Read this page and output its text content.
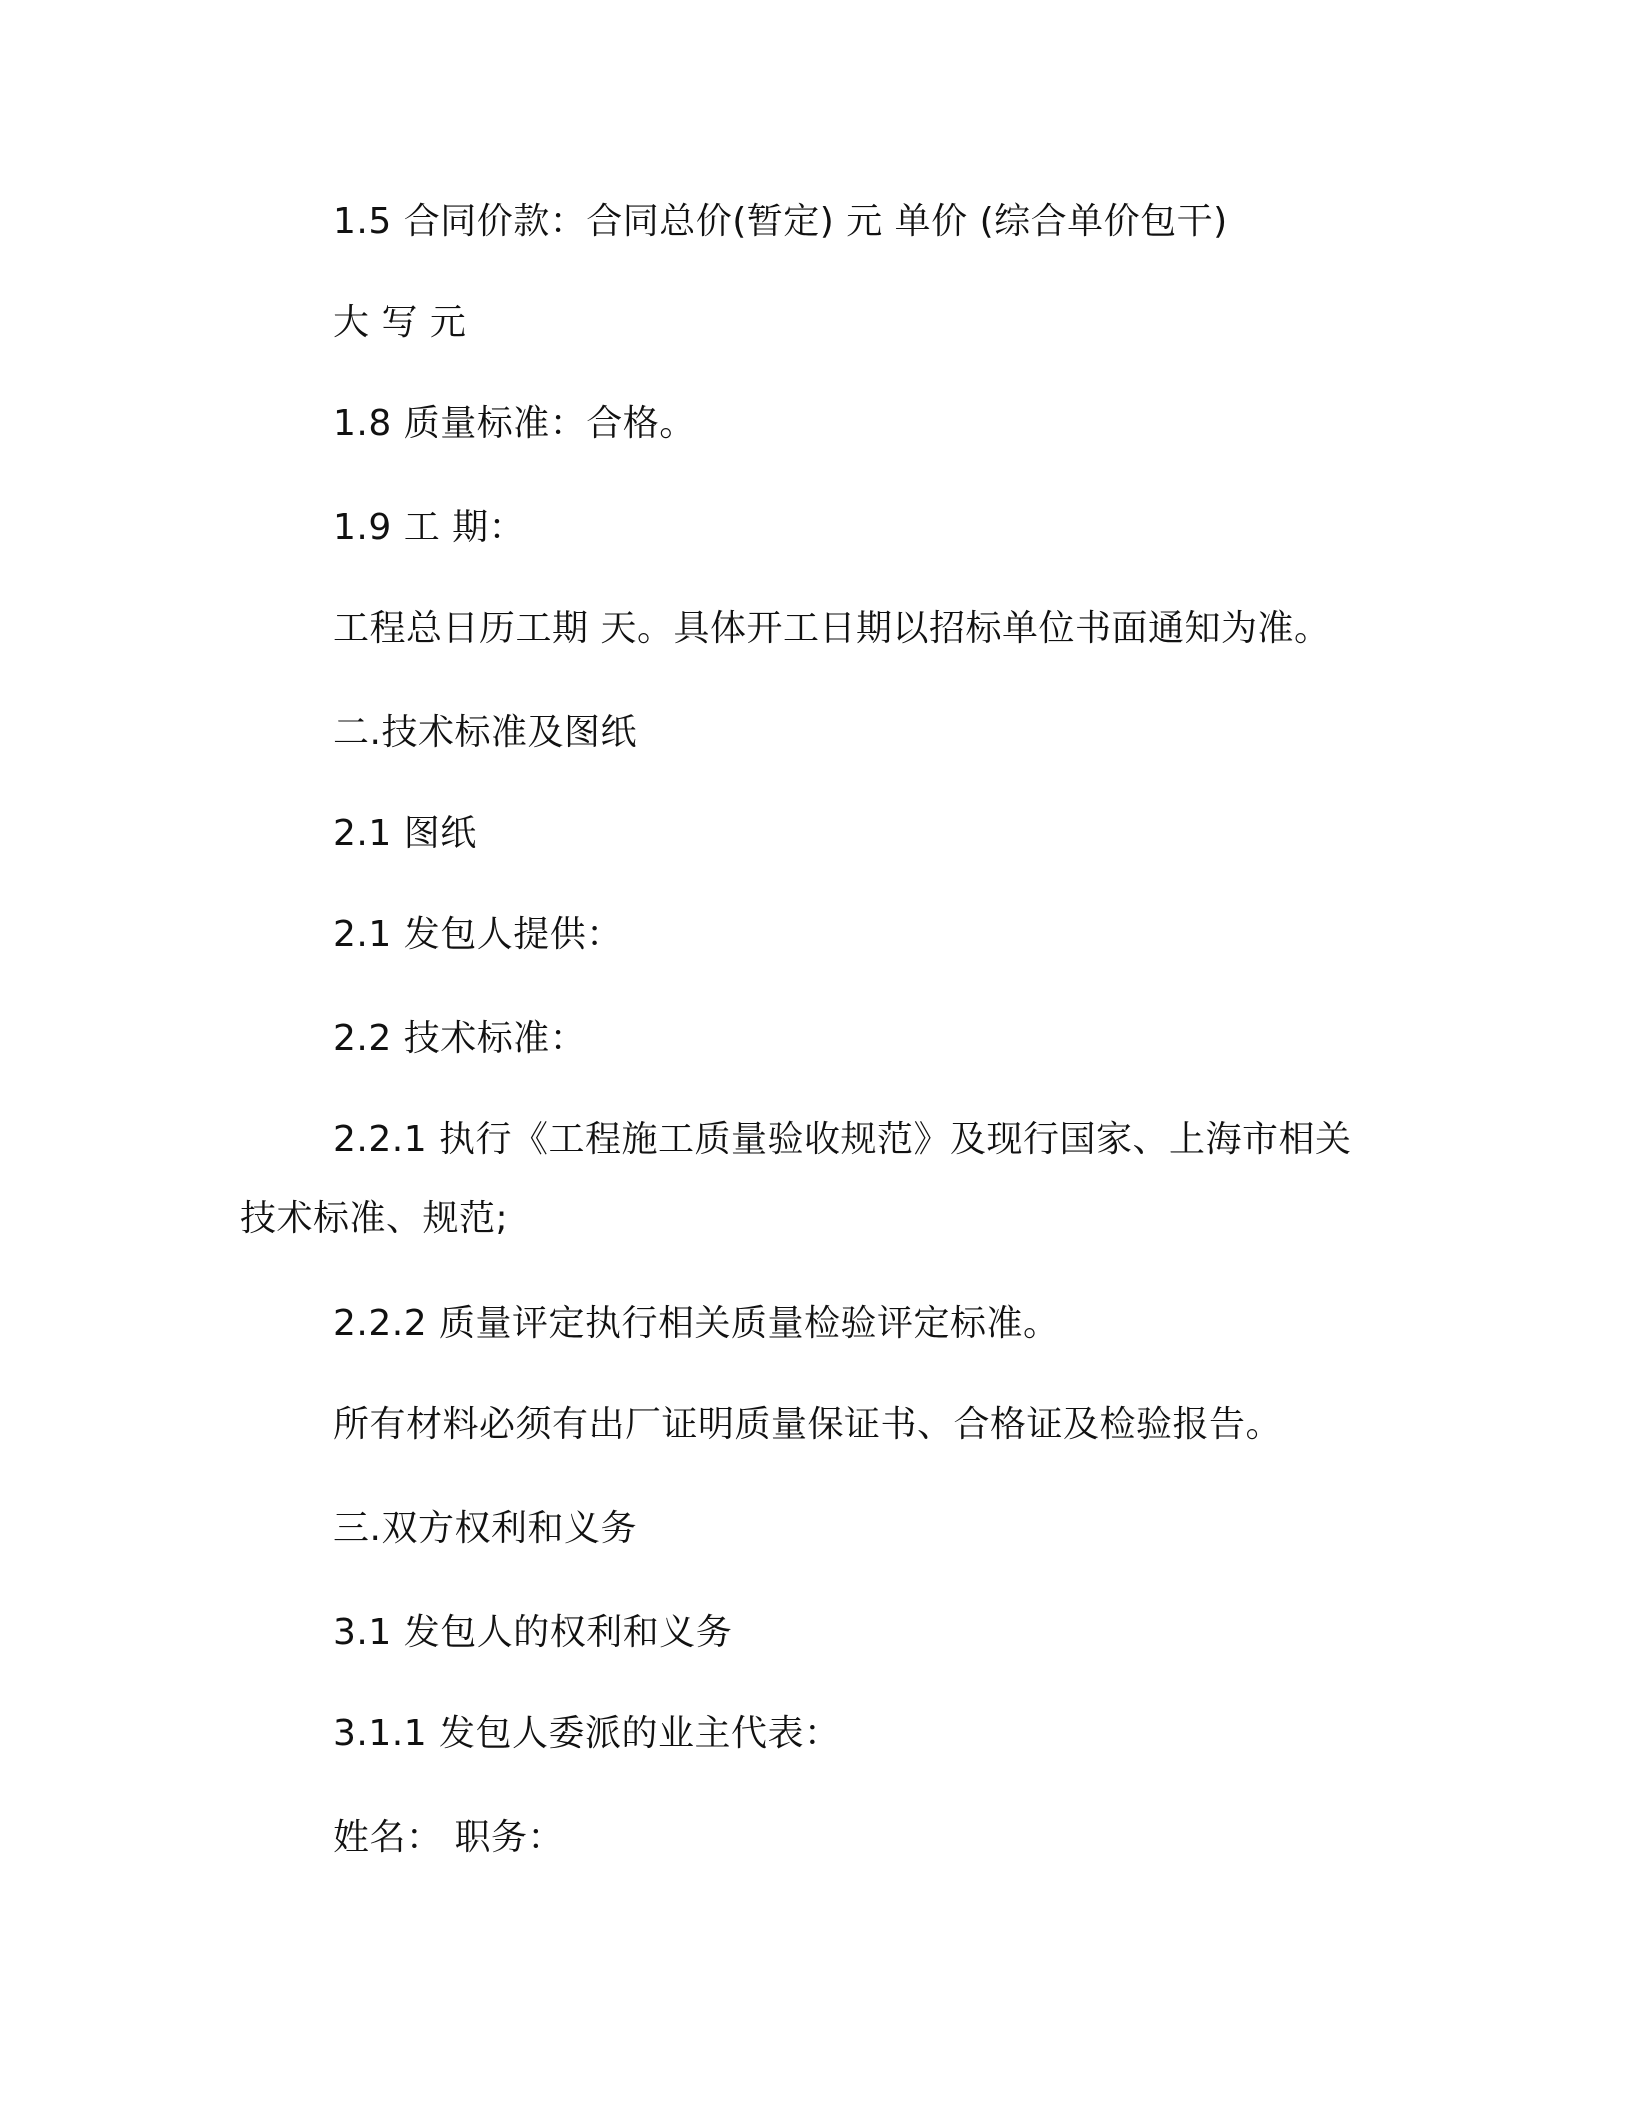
1.5 合同价款：合同总价(暂定) 元 单价 (综合单价包干)
大 写 元
1.8 质量标准：合格。
1.9 工 期：
工程总日历工期 天。具体开工日期以招标单位书面通知为准。
二.技术标准及图纸
2.1 图纸
2.1 发包人提供：
2.2 技术标准：
2.2.1 执行《工程施工质量验收规范》及现行国家、上海市相关
技术标准、规范;
2.2.2 质量评定执行相关质量检验评定标准。
所有材料必须有出厂证明质量保证书、合格证及检验报告。
三.双方权利和义务
3.1 发包人的权利和义务
3.1.1 发包人委派的业主代表：
姓名： 职务：
